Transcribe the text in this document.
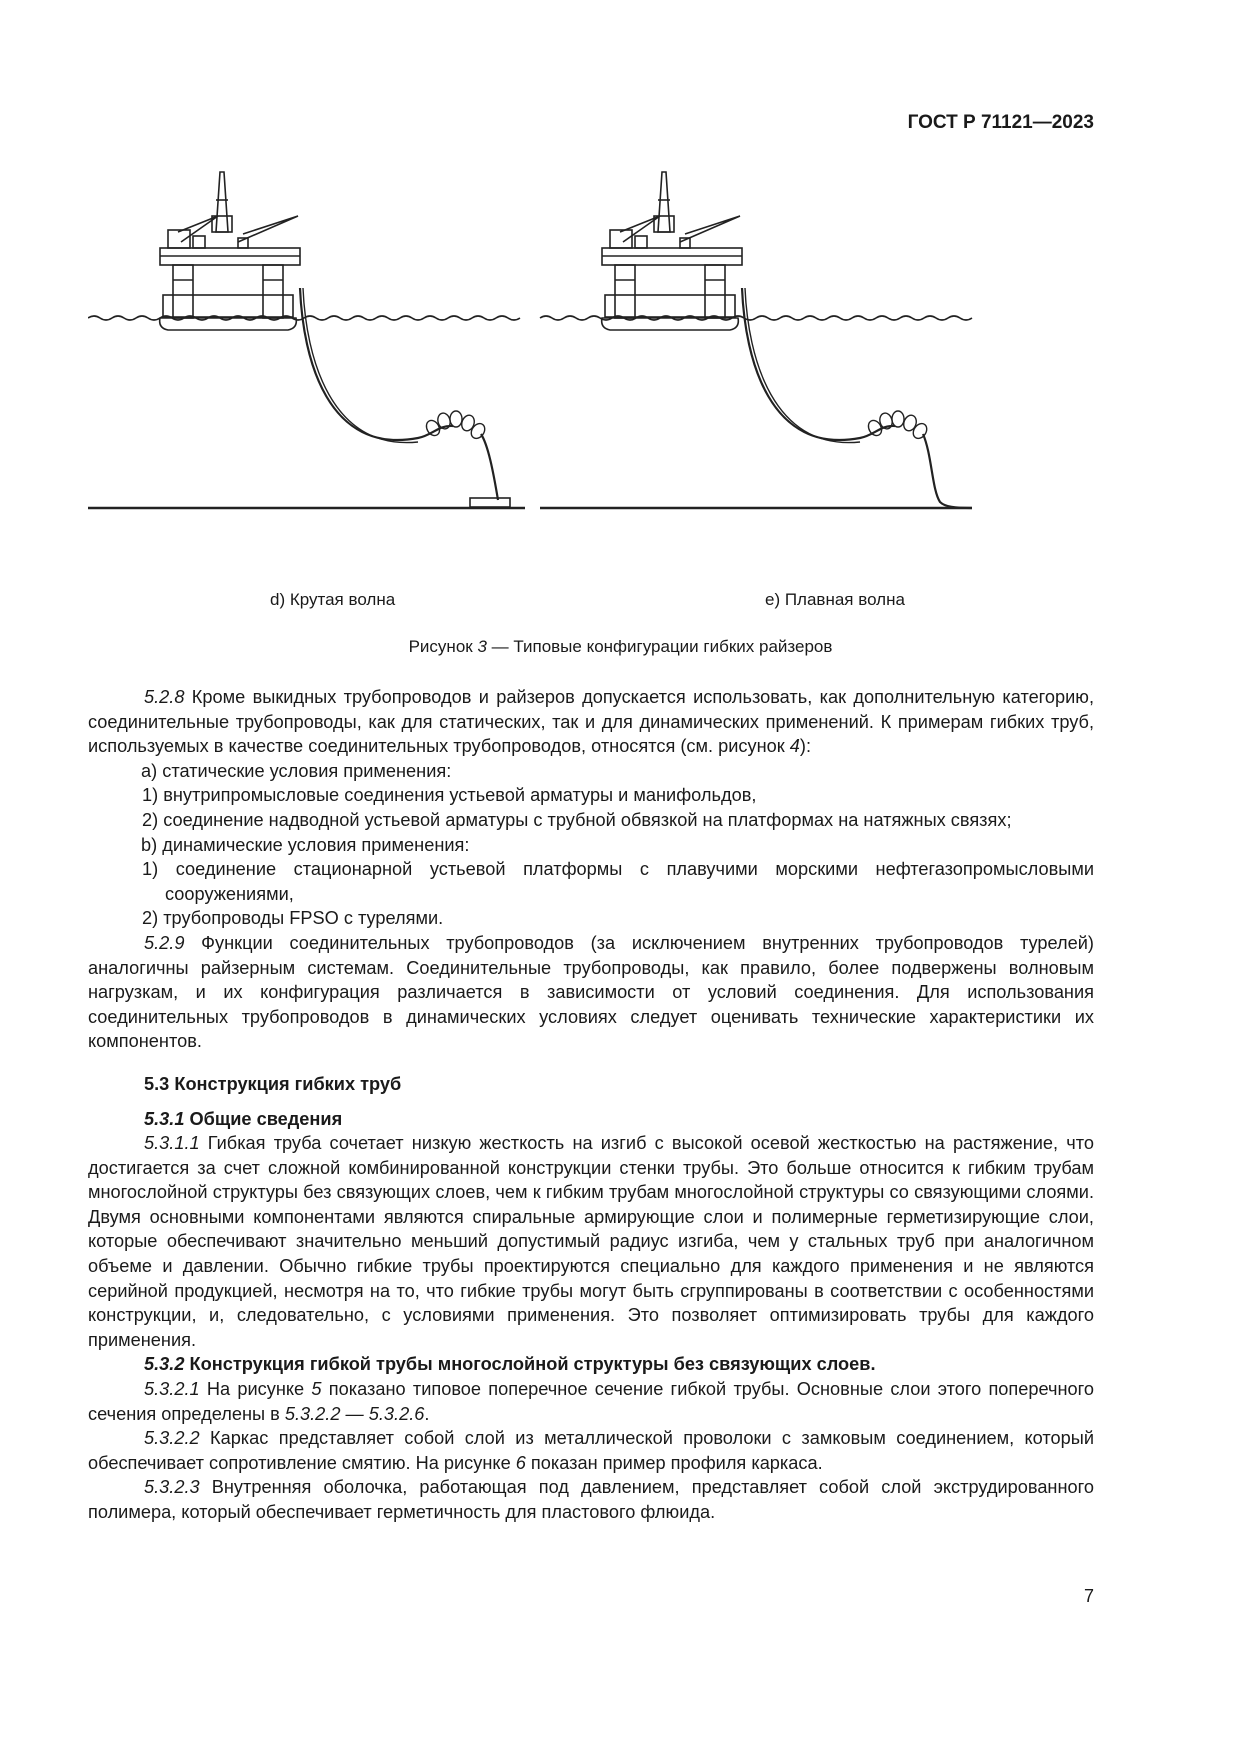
ГОСТ Р 71121—2023
d) Крутая волна	e) Плавная волна
Рисунок 3 — Типовые конфигурации гибких райзеров

5.2.8 Кроме выкидных трубопроводов и райзеров допускается использовать, как дополнительную категорию, соединительные трубопроводы, как для статических, так и для динамических применений. К примерам гибких труб, используемых в качестве соединительных трубопроводов, относятся (см. рисунок 4):

а) статические условия применения:

1) внутрипромысловые соединения устьевой арматуры и манифольдов,

2) соединение надводной устьевой арматуры с трубной обвязкой на платформах на натяжных связях;

b) динамические условия применения:

1) соединение стационарной устьевой платформы с плавучими морскими нефтегазопромысловыми сооружениями,

2) трубопроводы FPSO с турелями.

5.2.9 Функции соединительных трубопроводов (за исключением внутренних трубопроводов турелей) аналогичны райзерным системам. Соединительные трубопроводы, как правило, более подвержены волновым нагрузкам, и их конфигурация различается в зависимости от условий соединения. Для использования соединительных трубопроводов в динамических условиях следует оценивать технические характеристики их компонентов.

5.3 Конструкция гибких труб

5.3.1 Общие сведения

5.3.1.1 Гибкая труба сочетает низкую жесткость на изгиб с высокой осевой жесткостью на растяжение, что достигается за счет сложной комбинированной конструкции стенки трубы. Это больше относится к гибким трубам многослойной структуры без связующих слоев, чем к гибким трубам многослойной структуры со связующими слоями. Двумя основными компонентами являются спиральные армирующие слои и полимерные герметизирующие слои, которые обеспечивают значительно меньший допустимый радиус изгиба, чем у стальных труб при аналогичном объеме и давлении. Обычно гибкие трубы проектируются специально для каждого применения и не являются серийной продукцией, несмотря на то, что гибкие трубы могут быть сгруппированы в соответствии с особенностями конструкции, и, следовательно, с условиями применения. Это позволяет оптимизировать трубы для каждого применения.

5.3.2 Конструкция гибкой трубы многослойной структуры без связующих слоев.

5.3.2.1 На рисунке 5 показано типовое поперечное сечение гибкой трубы. Основные слои этого поперечного сечения определены в 5.3.2.2 — 5.3.2.6.

5.3.2.2 Каркас представляет собой слой из металлической проволоки с замковым соединением, который обеспечивает сопротивление смятию. На рисунке 6 показан пример профиля каркаса.

5.3.2.3 Внутренняя оболочка, работающая под давлением, представляет собой слой экструдированного полимера, который обеспечивает герметичность для пластового флюида.

7
